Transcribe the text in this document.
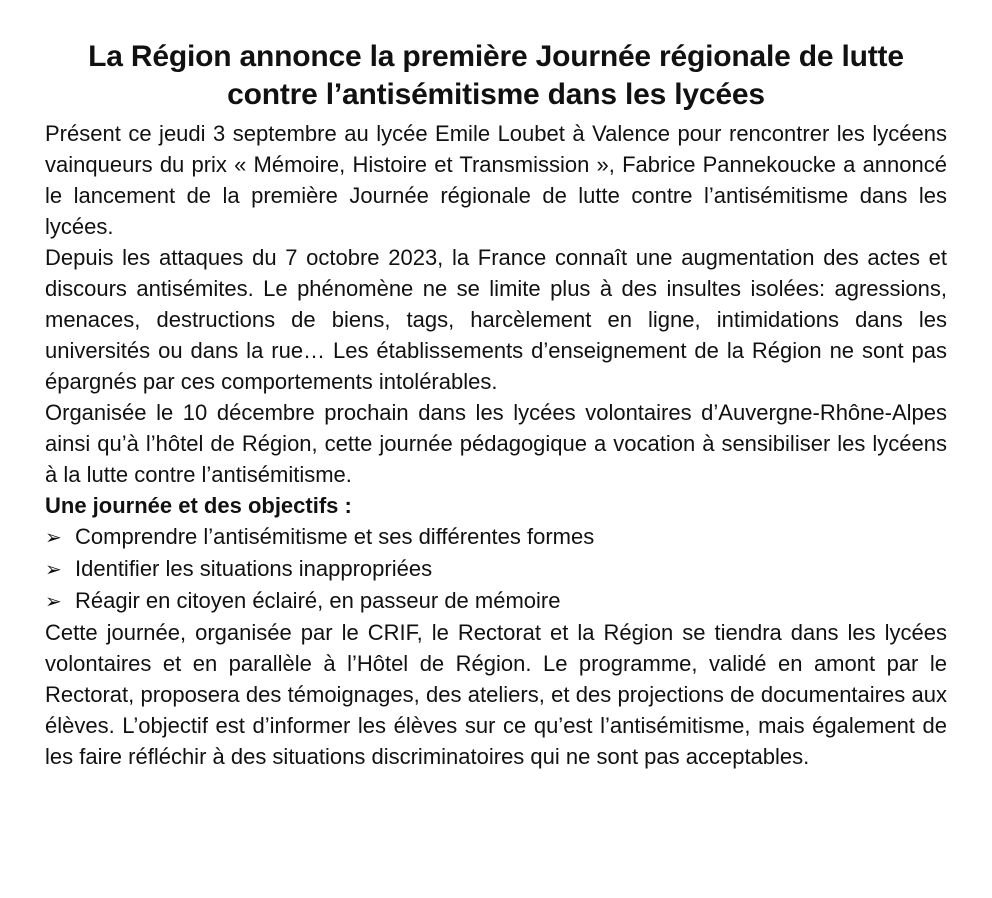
La Région annonce la première Journée régionale de lutte
contre l’antisémitisme dans les lycées

Présent ce jeudi 3 septembre au lycée Emile Loubet à Valence pour rencontrer les lycéens vainqueurs du prix « Mémoire, Histoire et Transmission », Fabrice Pannekoucke a annoncé le lancement de la première Journée régionale de lutte contre l’antisémitisme dans les lycées.

Depuis les attaques du 7 octobre 2023, la France connaît une augmentation des actes et discours antisémites. Le phénomène ne se limite plus à des insultes isolées: agressions, menaces, destructions de biens, tags, harcèlement en ligne, intimidations dans les universités ou dans la rue… Les établissements d’enseignement de la Région ne sont pas épargnés par ces comportements intolérables.

Organisée le 10 décembre prochain dans les lycées volontaires d’Auvergne-Rhône-Alpes ainsi qu’à l’hôtel de Région, cette journée pédagogique a vocation à sensibiliser les lycéens à la lutte contre l’antisémitisme.

Une journée et des objectifs :

➢ Comprendre l’antisémitisme et ses différentes formes
➢ Identifier les situations inappropriées
➢ Réagir en citoyen éclairé, en passeur de mémoire

Cette journée, organisée par le CRIF, le Rectorat et la Région se tiendra dans les lycées volontaires et en parallèle à l’Hôtel de Région. Le programme, validé en amont par le Rectorat, proposera des témoignages, des ateliers, et des projections de documentaires aux élèves. L’objectif est d’informer les élèves sur ce qu’est l’antisémitisme, mais également de les faire réfléchir à des situations discriminatoires qui ne sont pas acceptables.
